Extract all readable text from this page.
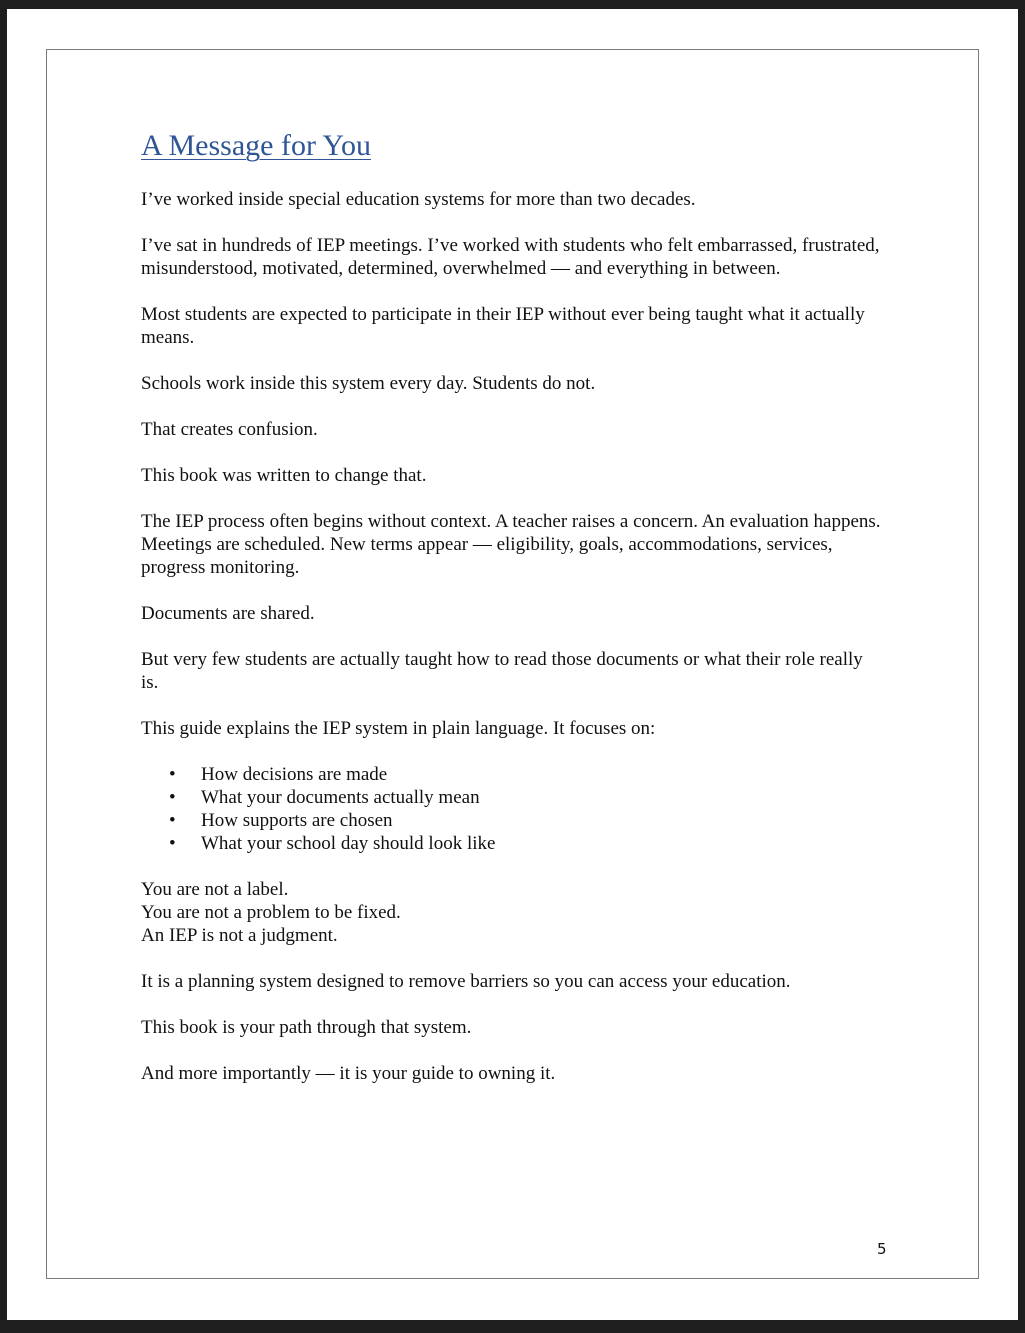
A Message for You

I’ve worked inside special education systems for more than two decades.

I’ve sat in hundreds of IEP meetings. I’ve worked with students who felt embarrassed, frustrated, misunderstood, motivated, determined, overwhelmed — and everything in between.

Most students are expected to participate in their IEP without ever being taught what it actually means.

Schools work inside this system every day. Students do not.

That creates confusion.

This book was written to change that.

The IEP process often begins without context. A teacher raises a concern. An evaluation happens. Meetings are scheduled. New terms appear — eligibility, goals, accommodations, services, progress monitoring.

Documents are shared.

But very few students are actually taught how to read those documents or what their role really is.

This guide explains the IEP system in plain language. It focuses on:

• How decisions are made
• What your documents actually mean
• How supports are chosen
• What your school day should look like

You are not a label.
You are not a problem to be fixed.
An IEP is not a judgment.

It is a planning system designed to remove barriers so you can access your education.

This book is your path through that system.

And more importantly — it is your guide to owning it.

5
